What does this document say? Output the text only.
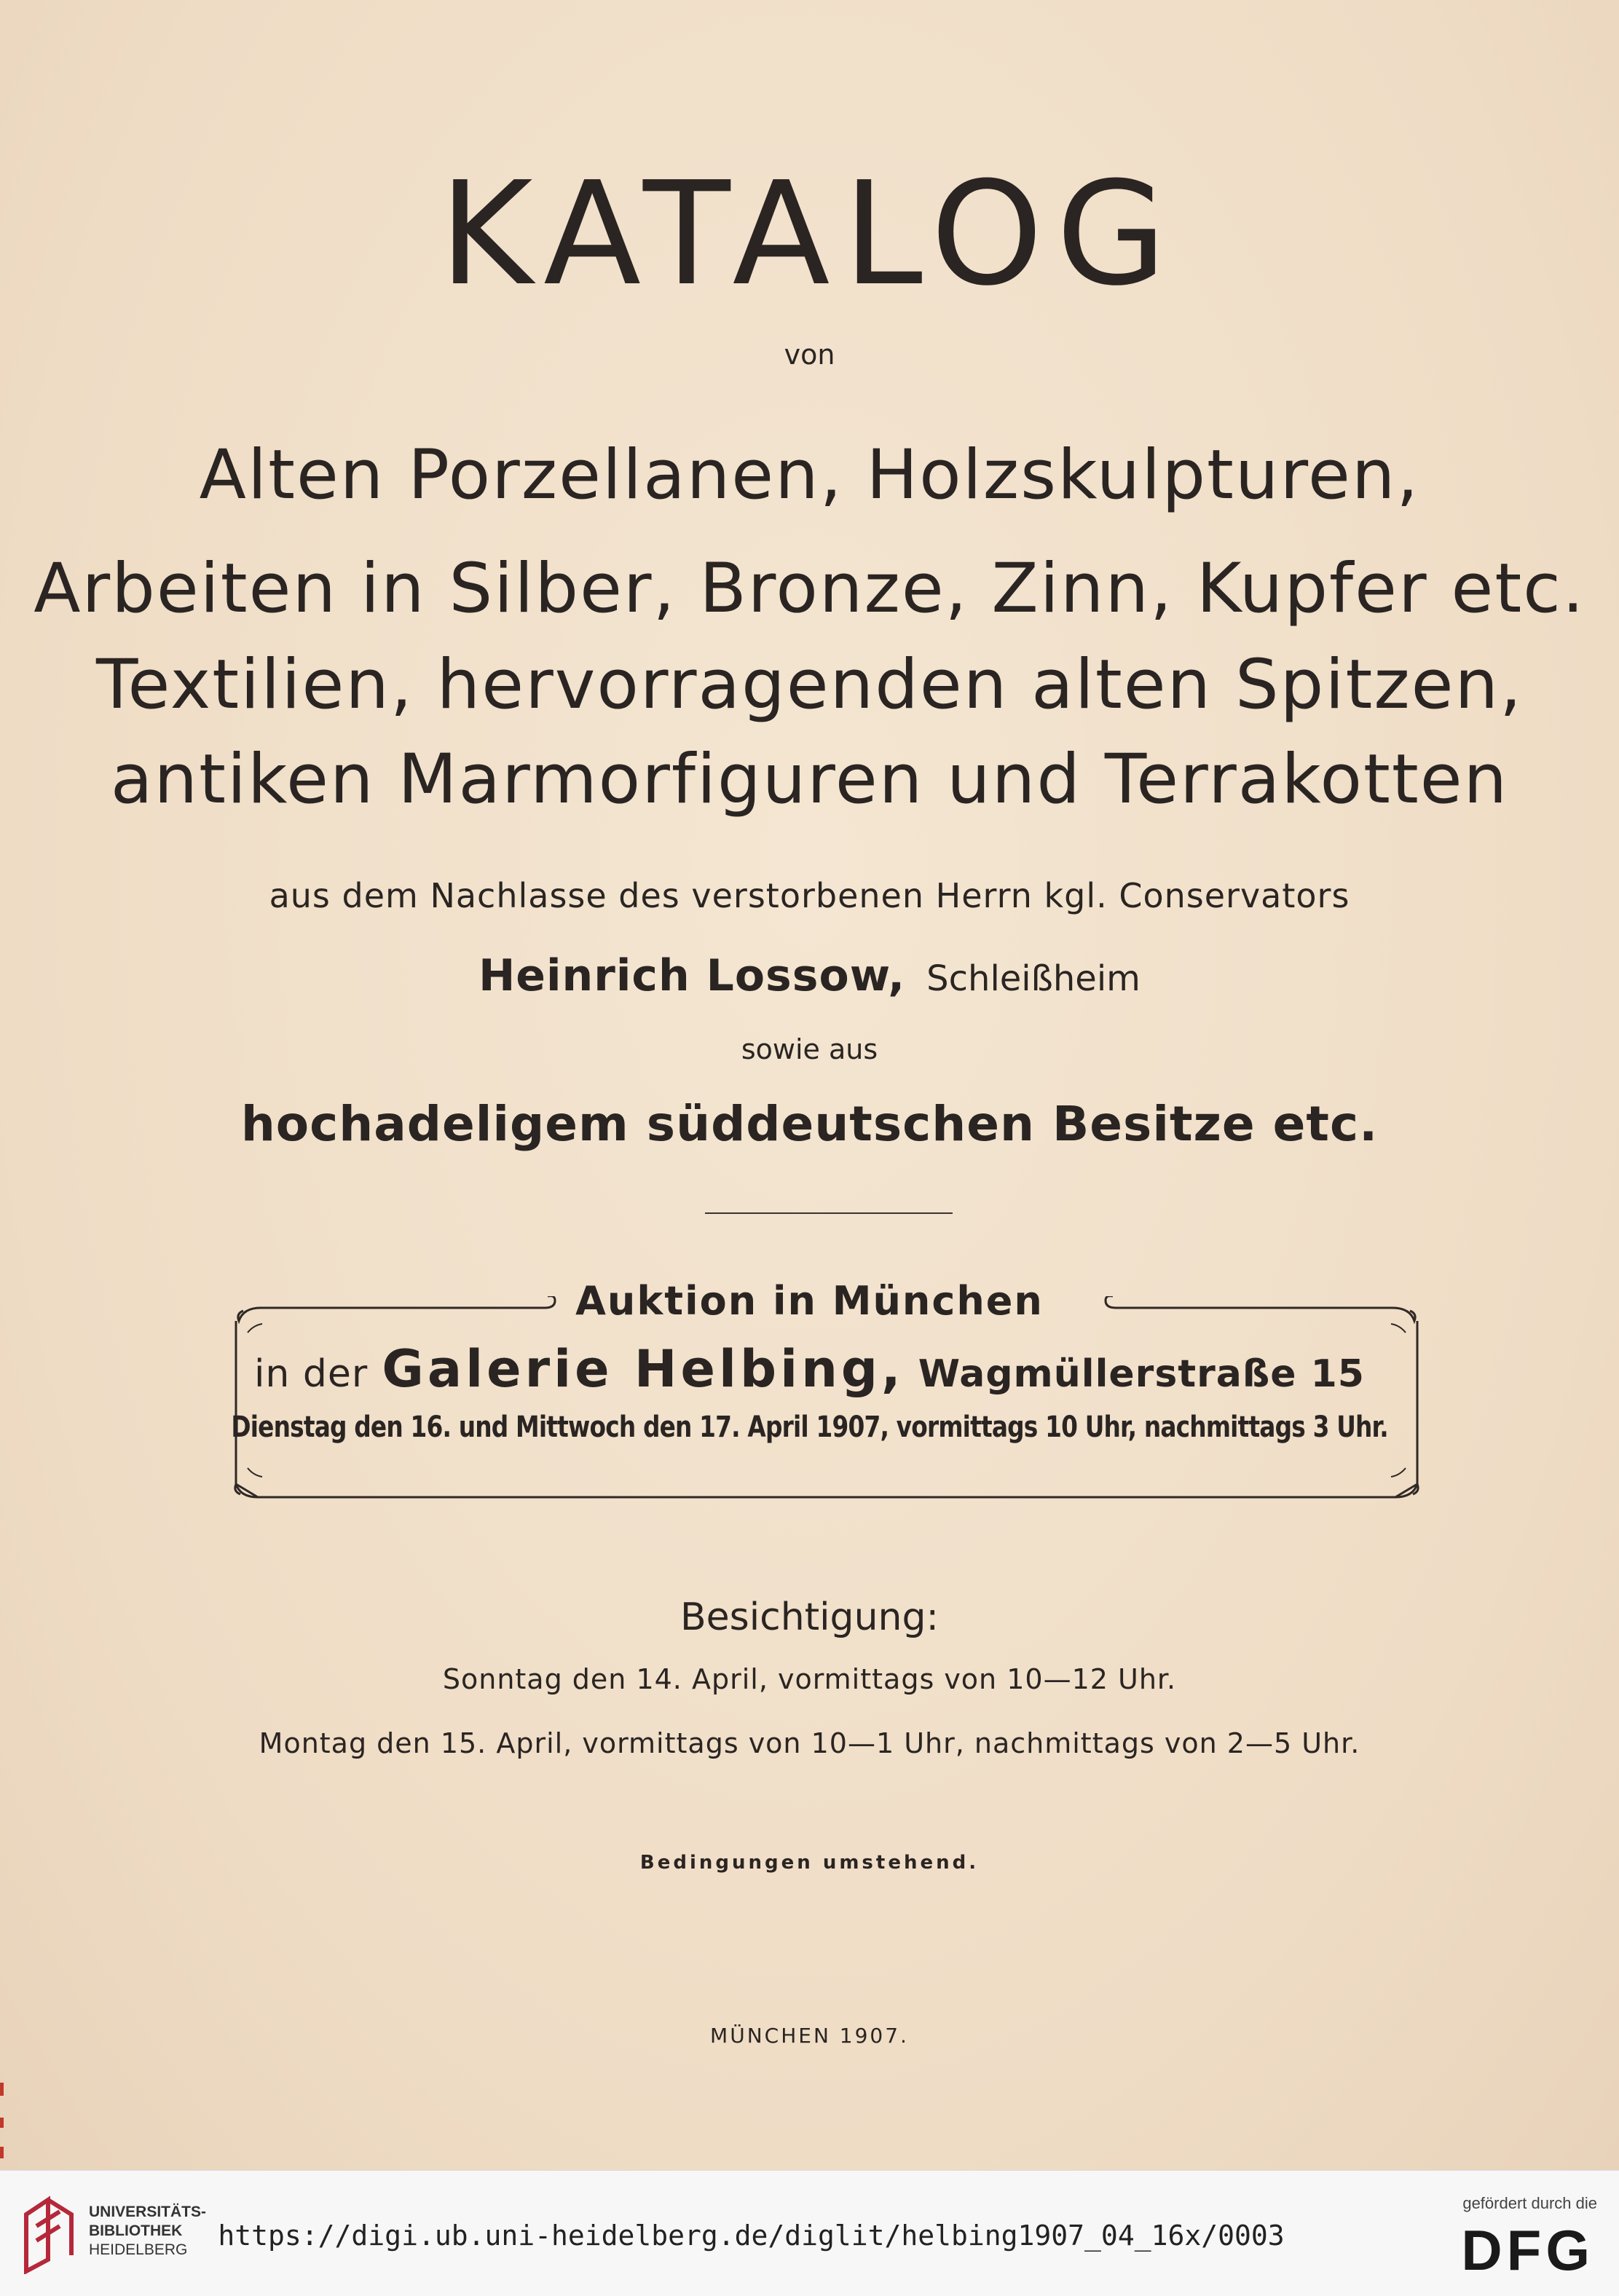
KATALOG
von
Alten Porzellanen, Holzskulpturen,
Arbeiten in Silber, Bronze, Zinn, Kupfer etc.
Textilien, hervorragenden alten Spitzen,
antiken Marmorfiguren und Terrakotten
aus dem Nachlasse des verstorbenen Herrn kgl. Conservators
Heinrich Lossow, Schleißheim
sowie aus
hochadeligem süddeutschen Besitze etc.
Auktion in München
in der Galerie Helbing, Wagmüllerstraße 15
Dienstag den 16. und Mittwoch den 17. April 1907, vormittags 10 Uhr, nachmittags 3 Uhr.
Besichtigung:
Sonntag den 14. April, vormittags von 10—12 Uhr.
Montag den 15. April, vormittags von 10—1 Uhr, nachmittags von 2—5 Uhr.
Bedingungen umstehend.
MÜNCHEN 1907.
UNIVERSITÄTS-
BIBLIOTHEK
HEIDELBERG	https://digi.ub.uni-heidelberg.de/diglit/helbing1907_04_16x/0003
gefördert durch die
DFG
